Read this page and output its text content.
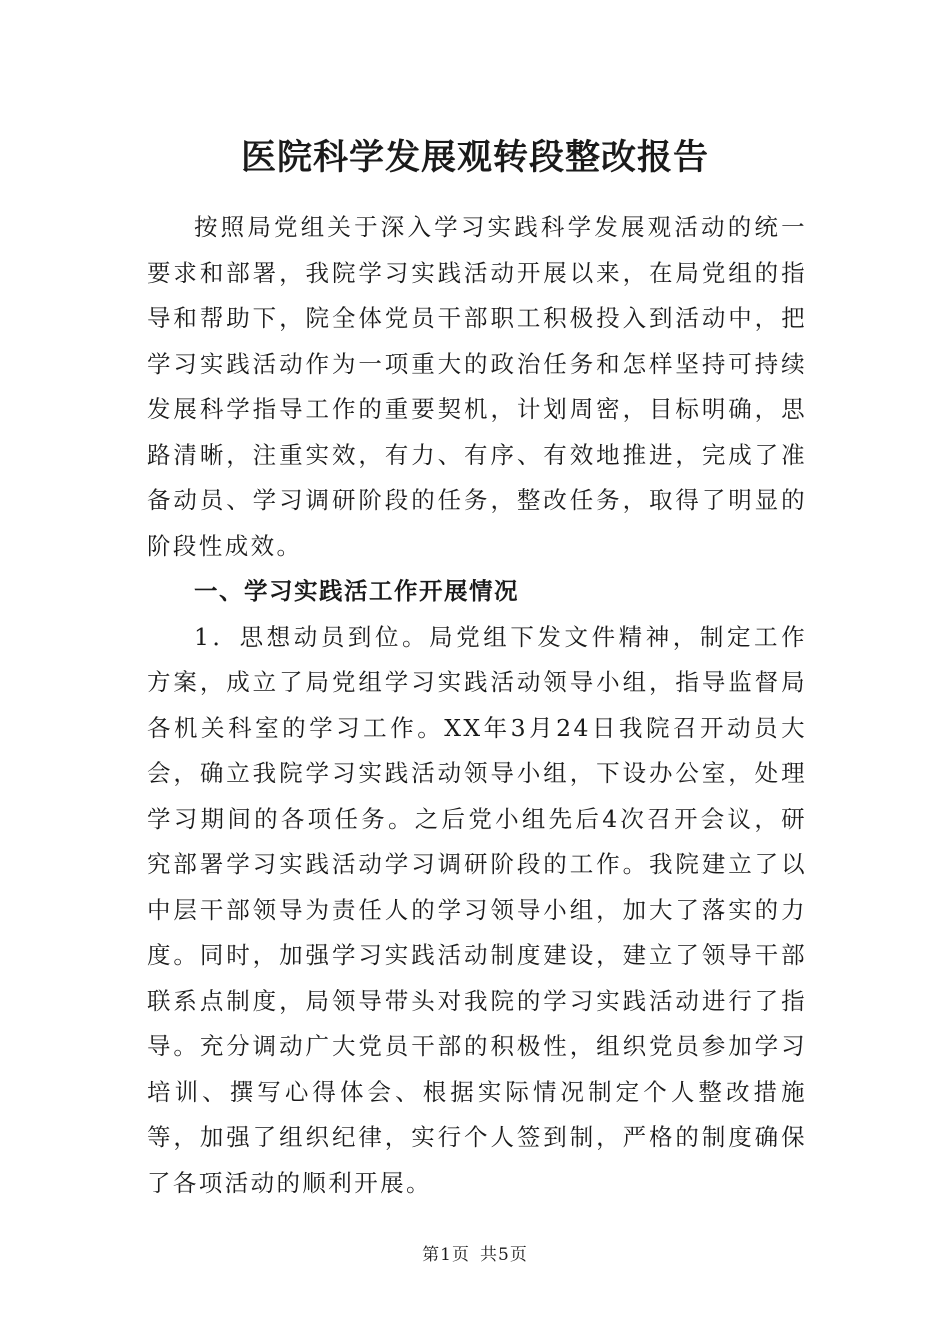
医院科学发展观转段整改报告

按照局党组关于深入学习实践科学发展观活动的统一要求和部署，我院学习实践活动开展以来，在局党组的指导和帮助下，院全体党员干部职工积极投入到活动中，把学习实践活动作为一项重大的政治任务和怎样坚持可持续发展科学指导工作的重要契机，计划周密，目标明确，思路清晰，注重实效，有力、有序、有效地推进，完成了准备动员、学习调研阶段的任务，整改任务，取得了明显的阶段性成效。

一、学习实践活工作开展情况

1．思想动员到位。局党组下发文件精神，制定工作方案，成立了局党组学习实践活动领导小组，指导监督局各机关科室的学习工作。XX年3月24日我院召开动员大会，确立我院学习实践活动领导小组，下设办公室，处理学习期间的各项任务。之后党小组先后4次召开会议，研究部署学习实践活动学习调研阶段的工作。我院建立了以中层干部领导为责任人的学习领导小组，加大了落实的力度。同时，加强学习实践活动制度建设，建立了领导干部联系点制度，局领导带头对我院的学习实践活动进行了指导。充分调动广大党员干部的积极性，组织党员参加学习培训、撰写心得体会、根据实际情况制定个人整改措施等，加强了组织纪律，实行个人签到制，严格的制度确保了各项活动的顺利开展。

第1页 共5页
